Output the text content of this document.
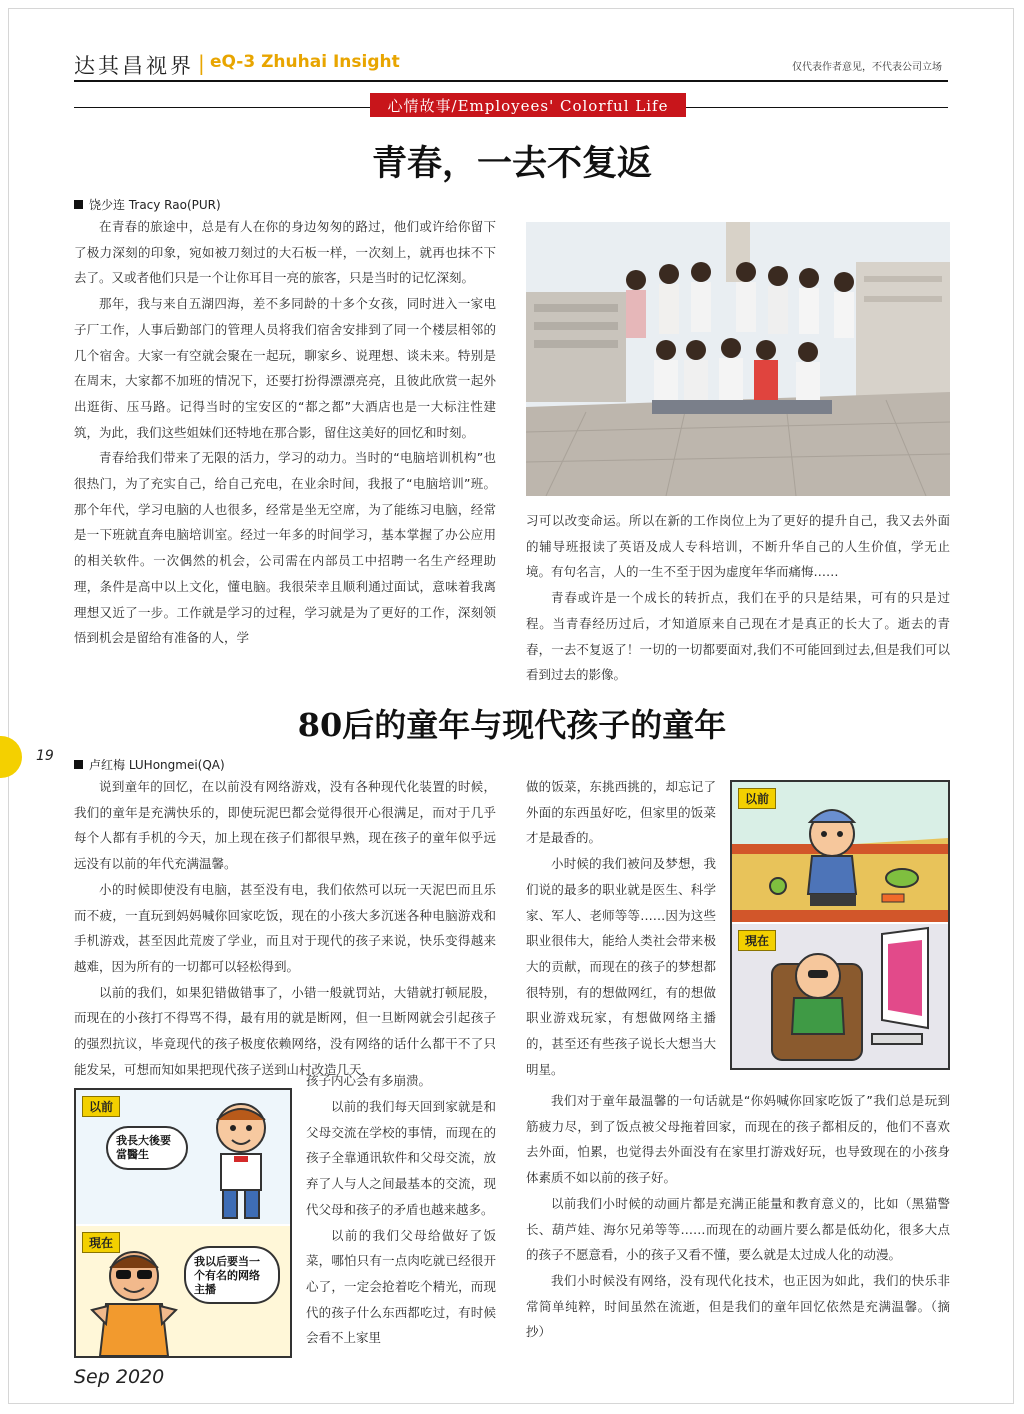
达其昌视界 | eQ-3 Zhuhai Insight	仅代表作者意见，不代表公司立场
心情故事/Employees' Colorful Life
青春，一去不复返
饶少连 Tracy Rao(PUR)

在青春的旅途中，总是有人在你的身边匆匆的路过，他们或许给你留下了极力深刻的印象，宛如被刀刻过的大石板一样，一次刻上，就再也抹不下去了。又或者他们只是一个让你耳目一亮的旅客，只是当时的记忆深刻。

那年，我与来自五湖四海，差不多同龄的十多个女孩，同时进入一家电子厂工作，人事后勤部门的管理人员将我们宿舍安排到了同一个楼层相邻的几个宿舍。大家一有空就会聚在一起玩，聊家乡、说理想、谈未来。特别是在周末，大家都不加班的情况下，还要打扮得漂漂亮亮，且彼此欣赏一起外出逛街、压马路。记得当时的宝安区的“都之都”大酒店也是一大标注性建筑，为此，我们这些姐妹们还特地在那合影，留住这美好的回忆和时刻。

青春给我们带来了无限的活力，学习的动力。当时的“电脑培训机构”也很热门，为了充实自己，给自己充电，在业余时间，我报了“电脑培训”班。那个年代，学习电脑的人也很多，经常是坐无空席，为了能练习电脑，经常是一下班就直奔电脑培训室。经过一年多的时间学习，基本掌握了办公应用的相关软件。一次偶然的机会，公司需在内部员工中招聘一名生产经理助理，条件是高中以上文化，懂电脑。我很荣幸且顺利通过面试，意味着我离理想又近了一步。工作就是学习的过程，学习就是为了更好的工作，深刻领悟到机会是留给有准备的人，学

习可以改变命运。所以在新的工作岗位上为了更好的提升自己，我又去外面的辅导班报读了英语及成人专科培训，不断升华自己的人生价值，学无止境。有句名言，人的一生不至于因为虚度年华而痛悔……

青春或许是一个成长的转折点，我们在乎的只是结果，可有的只是过程。当青春经历过后，才知道原来自己现在才是真正的长大了。逝去的青春，一去不复返了！一切的一切都要面对,我们不可能回到过去,但是我们可以看到过去的影像。

19
80后的童年与现代孩子的童年
卢红梅 LUHongmei(QA)

说到童年的回忆，在以前没有网络游戏，没有各种现代化装置的时候，我们的童年是充满快乐的，即使玩泥巴都会觉得很开心很满足，而对于几乎每个人都有手机的今天，加上现在孩子们都很早熟，现在孩子的童年似乎远远没有以前的年代充满温馨。

小的时候即使没有电脑，甚至没有电，我们依然可以玩一天泥巴而且乐而不疲，一直玩到妈妈喊你回家吃饭，现在的小孩大多沉迷各种电脑游戏和手机游戏，甚至因此荒废了学业，而且对于现代的孩子来说，快乐变得越来越难，因为所有的一切都可以轻松得到。

以前的我们，如果犯错做错事了，小错一般就罚站，大错就打顿屁股，而现在的小孩打不得骂不得，最有用的就是断网，但一旦断网就会引起孩子的强烈抗议，毕竟现代的孩子极度依赖网络，没有网络的话什么都干不了只能发呆，可想而知如果把现代孩子送到山村改造几天，

以前
我長大後要當醫生
現在
我以后要当一个有名的网络主播

孩子内心会有多崩溃。

以前的我们每天回到家就是和父母交流在学校的事情，而现在的孩子全靠通讯软件和父母交流，放弃了人与人之间最基本的交流，现代父母和孩子的矛盾也越来越多。

以前的我们父母给做好了饭菜，哪怕只有一点肉吃就已经很开心了，一定会抢着吃个精光，而现代的孩子什么东西都吃过，有时候会看不上家里

做的饭菜，东挑西挑的，却忘记了外面的东西虽好吃，但家里的饭菜才是最香的。

小时候的我们被问及梦想，我们说的最多的职业就是医生、科学家、军人、老师等等……因为这些职业很伟大，能给人类社会带来极大的贡献，而现在的孩子的梦想都很特别，有的想做网红，有的想做职业游戏玩家，有想做网络主播的，甚至还有些孩子说长大想当大明星。

以前
現在

我们对于童年最温馨的一句话就是“你妈喊你回家吃饭了”我们总是玩到筋疲力尽，到了饭点被父母拖着回家，而现在的孩子都相反的，他们不喜欢去外面，怕累，也觉得去外面没有在家里打游戏好玩，也导致现在的小孩身体素质不如以前的孩子好。

以前我们小时候的动画片都是充满正能量和教育意义的，比如（黑猫警长、葫芦娃、海尔兄弟等等……而现在的动画片要么都是低幼化，很多大点的孩子不愿意看，小的孩子又看不懂，要么就是太过成人化的动漫。

我们小时候没有网络，没有现代化技术，也正因为如此，我们的快乐非常简单纯粹，时间虽然在流逝，但是我们的童年回忆依然是充满温馨。（摘抄）

Sep 2020
